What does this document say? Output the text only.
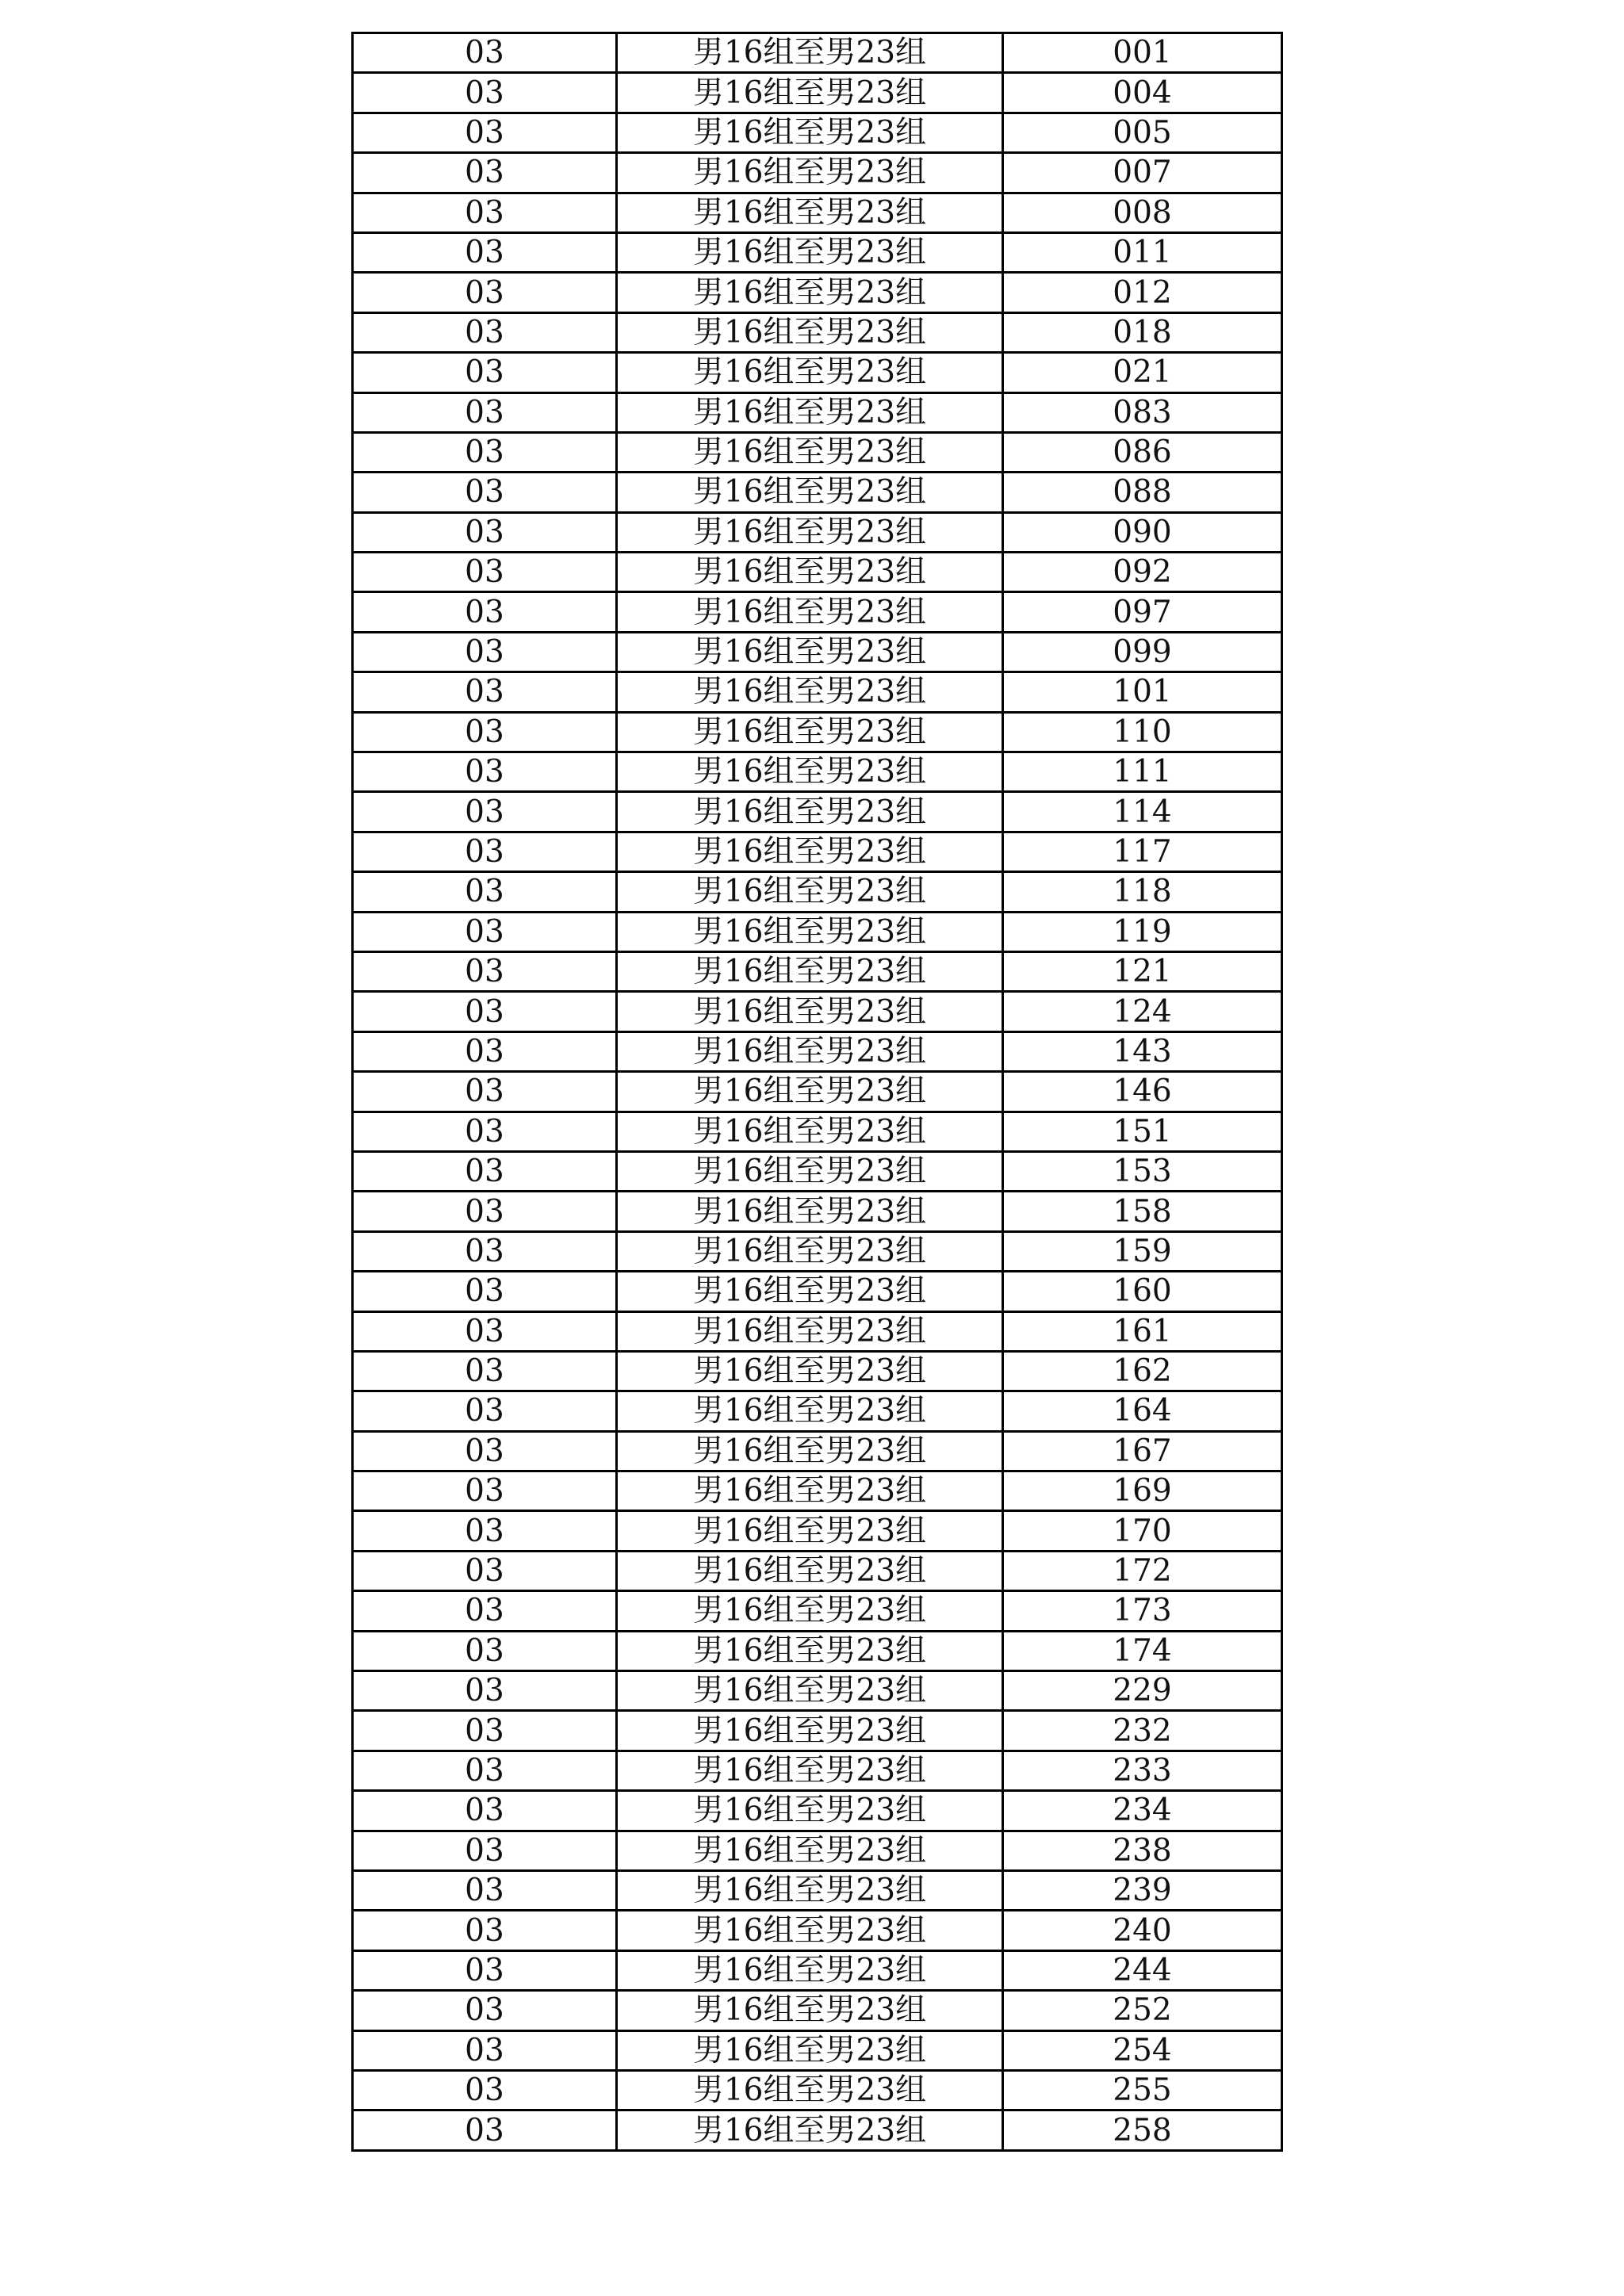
03	男16组至男23组	001
03	男16组至男23组	004
03	男16组至男23组	005
03	男16组至男23组	007
03	男16组至男23组	008
03	男16组至男23组	011
03	男16组至男23组	012
03	男16组至男23组	018
03	男16组至男23组	021
03	男16组至男23组	083
03	男16组至男23组	086
03	男16组至男23组	088
03	男16组至男23组	090
03	男16组至男23组	092
03	男16组至男23组	097
03	男16组至男23组	099
03	男16组至男23组	101
03	男16组至男23组	110
03	男16组至男23组	111
03	男16组至男23组	114
03	男16组至男23组	117
03	男16组至男23组	118
03	男16组至男23组	119
03	男16组至男23组	121
03	男16组至男23组	124
03	男16组至男23组	143
03	男16组至男23组	146
03	男16组至男23组	151
03	男16组至男23组	153
03	男16组至男23组	158
03	男16组至男23组	159
03	男16组至男23组	160
03	男16组至男23组	161
03	男16组至男23组	162
03	男16组至男23组	164
03	男16组至男23组	167
03	男16组至男23组	169
03	男16组至男23组	170
03	男16组至男23组	172
03	男16组至男23组	173
03	男16组至男23组	174
03	男16组至男23组	229
03	男16组至男23组	232
03	男16组至男23组	233
03	男16组至男23组	234
03	男16组至男23组	238
03	男16组至男23组	239
03	男16组至男23组	240
03	男16组至男23组	244
03	男16组至男23组	252
03	男16组至男23组	254
03	男16组至男23组	255
03	男16组至男23组	258
